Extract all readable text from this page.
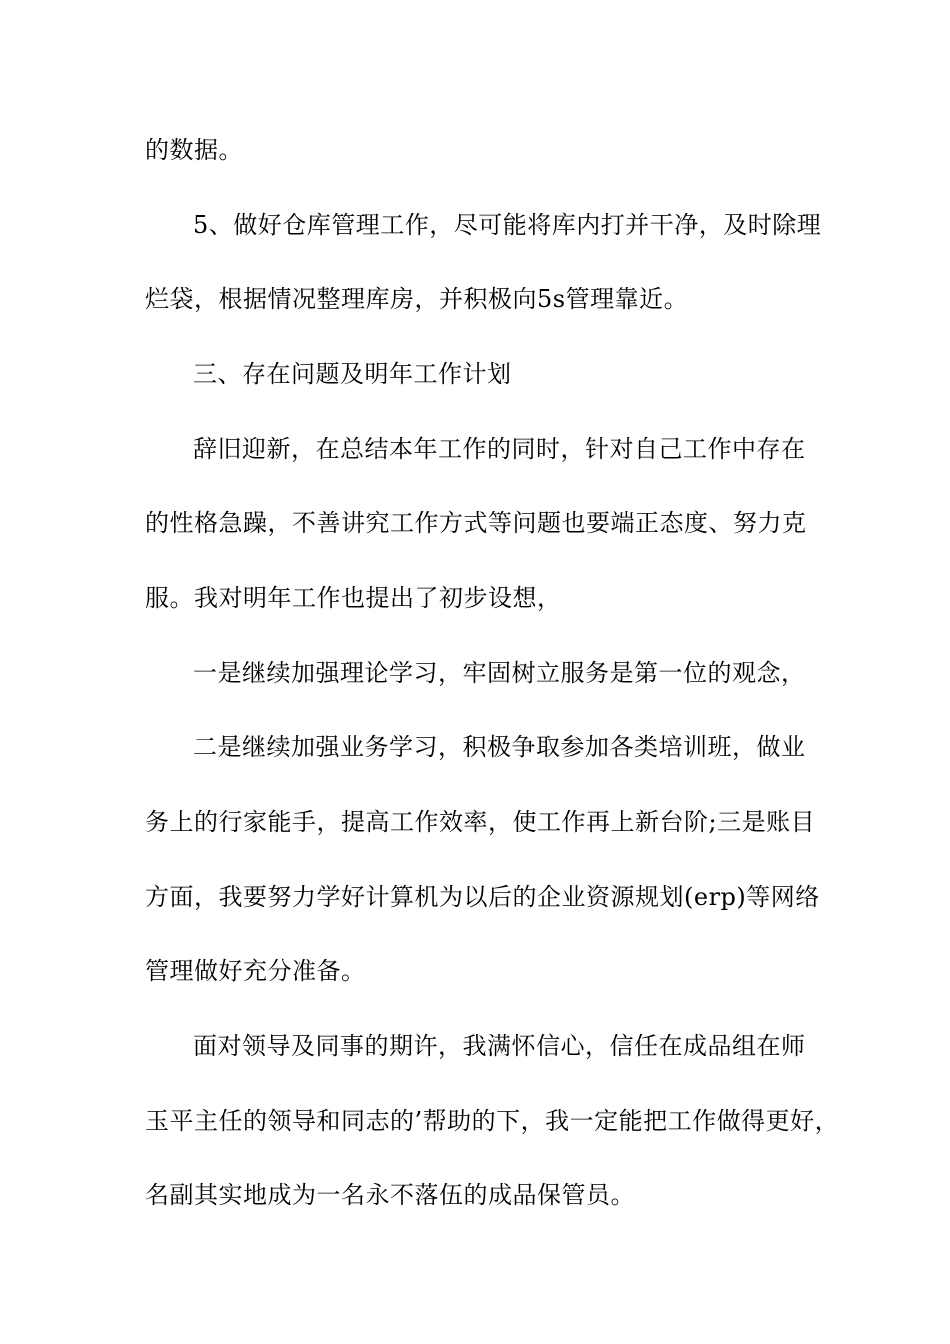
的数据。
5、做好仓库管理工作，尽可能将库内打并干净，及时除理
烂袋，根据情况整理库房，并积极向5s管理靠近。
三、存在问题及明年工作计划
辞旧迎新，在总结本年工作的同时，针对自己工作中存在
的性格急躁，不善讲究工作方式等问题也要端正态度、努力克
服。我对明年工作也提出了初步设想，
一是继续加强理论学习，牢固树立服务是第一位的观念，
二是继续加强业务学习，积极争取参加各类培训班，做业
务上的行家能手，提高工作效率，使工作再上新台阶;三是账目
方面，我要努力学好计算机为以后的企业资源规划(erp)等网络
管理做好充分准备。
面对领导及同事的期许，我满怀信心，信任在成品组在师
玉平主任的领导和同志的’帮助的下，我一定能把工作做得更好，
名副其实地成为一名永不落伍的成品保管员。
